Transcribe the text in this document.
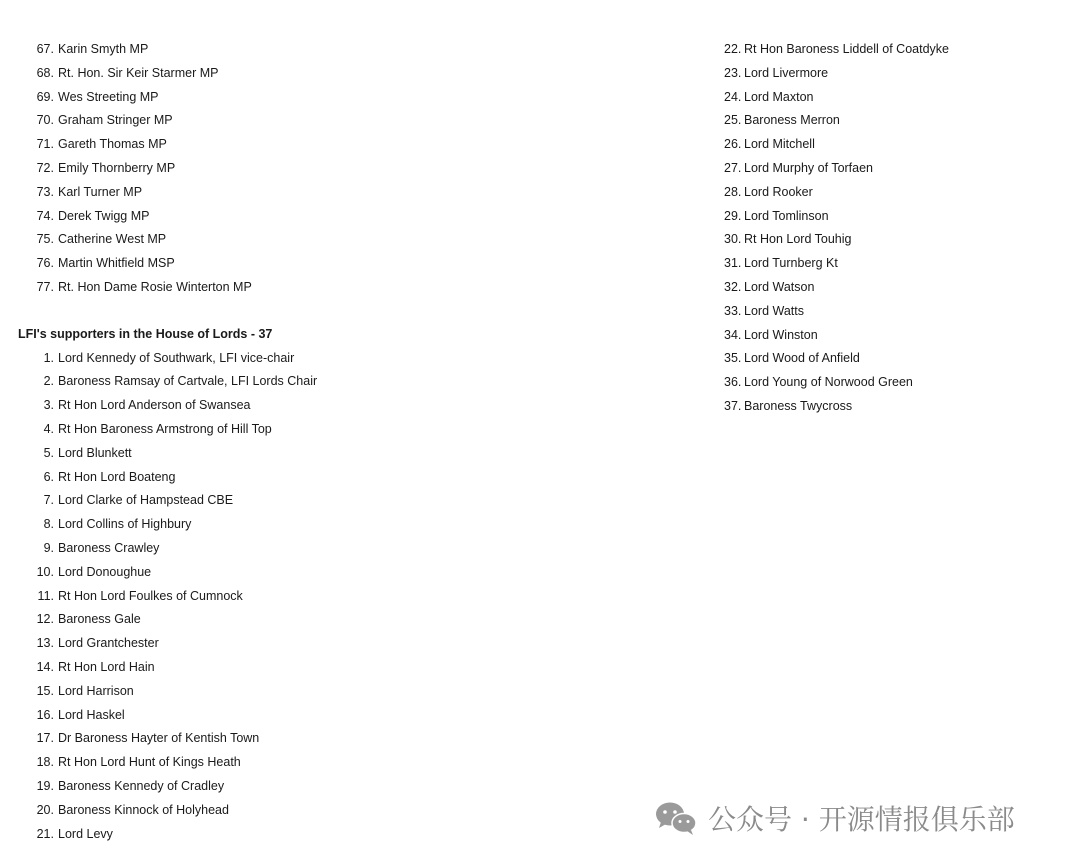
67. Karin Smyth MP
68. Rt. Hon. Sir Keir Starmer MP
69. Wes Streeting MP
70. Graham Stringer MP
71. Gareth Thomas MP
72. Emily Thornberry MP
73. Karl Turner MP
74. Derek Twigg MP
75. Catherine West MP
76. Martin Whitfield MSP
77. Rt. Hon Dame Rosie Winterton MP
LFI's supporters in the House of Lords - 37
1. Lord Kennedy of Southwark, LFI vice-chair
2. Baroness Ramsay of Cartvale, LFI Lords Chair
3. Rt Hon Lord Anderson of Swansea
4. Rt Hon Baroness Armstrong of Hill Top
5. Lord Blunkett
6. Rt Hon Lord Boateng
7. Lord Clarke of Hampstead CBE
8. Lord Collins of Highbury
9. Baroness Crawley
10. Lord Donoughue
11. Rt Hon Lord Foulkes of Cumnock
12. Baroness Gale
13. Lord Grantchester
14. Rt Hon Lord Hain
15. Lord Harrison
16. Lord Haskel
17. Dr Baroness Hayter of Kentish Town
18. Rt Hon Lord Hunt of Kings Heath
19. Baroness Kennedy of Cradley
20. Baroness Kinnock of Holyhead
21. Lord Levy
22. Rt Hon Baroness Liddell of Coatdyke
23. Lord Livermore
24. Lord Maxton
25. Baroness Merron
26. Lord Mitchell
27. Lord Murphy of Torfaen
28. Lord Rooker
29. Lord Tomlinson
30. Rt Hon Lord Touhig
31. Lord Turnberg Kt
32. Lord Watson
33. Lord Watts
34. Lord Winston
35. Lord Wood of Anfield
36. Lord Young of Norwood Green
37. Baroness Twycross
公众号 · 开源情报俱乐部
